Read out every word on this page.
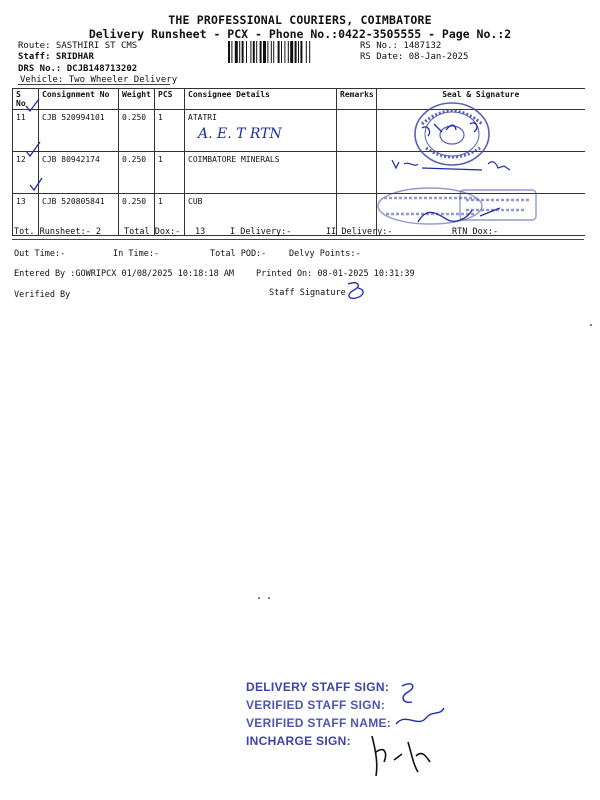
THE PROFESSIONAL COURIERS, COIMBATORE
Delivery Runsheet - PCX - Phone No.:0422-3505555 - Page No.:2
Route: SASTHIRI ST CMS
Staff: SRIDHAR
DRS No.: DCJB148713202
Vehicle: Two Wheeler Delivery
RS No.: 1487132
RS Date: 08-Jan-2025
S No	Consignment No	Weight	PCS	Consignee Details	Remarks	Seal & Signature
11	CJB 520994101	0.250	1	ATATRI
A. E. T RTN		

12	CJB 80942174	0.250	1	COIMBATORE MINERALS		
13	CJB 520805841	0.250	1	CUB		
Tot. Runsheet:- 2	Total Dox:- 13	I Delivery:-	II Delivery:-	RTN Dox:-
Out Time:-	In Time:-	Total POD:-	Delvy Points:-
Entered By :GOWRIPCX 01/08/2025 10:18:18 AM	Printed On: 08-01-2025 10:31:39
Verified By	Staff Signature
DELIVERY STAFF SIGN:
VERIFIED STAFF SIGN:
VERIFIED STAFF NAME:
INCHARGE SIGN:
